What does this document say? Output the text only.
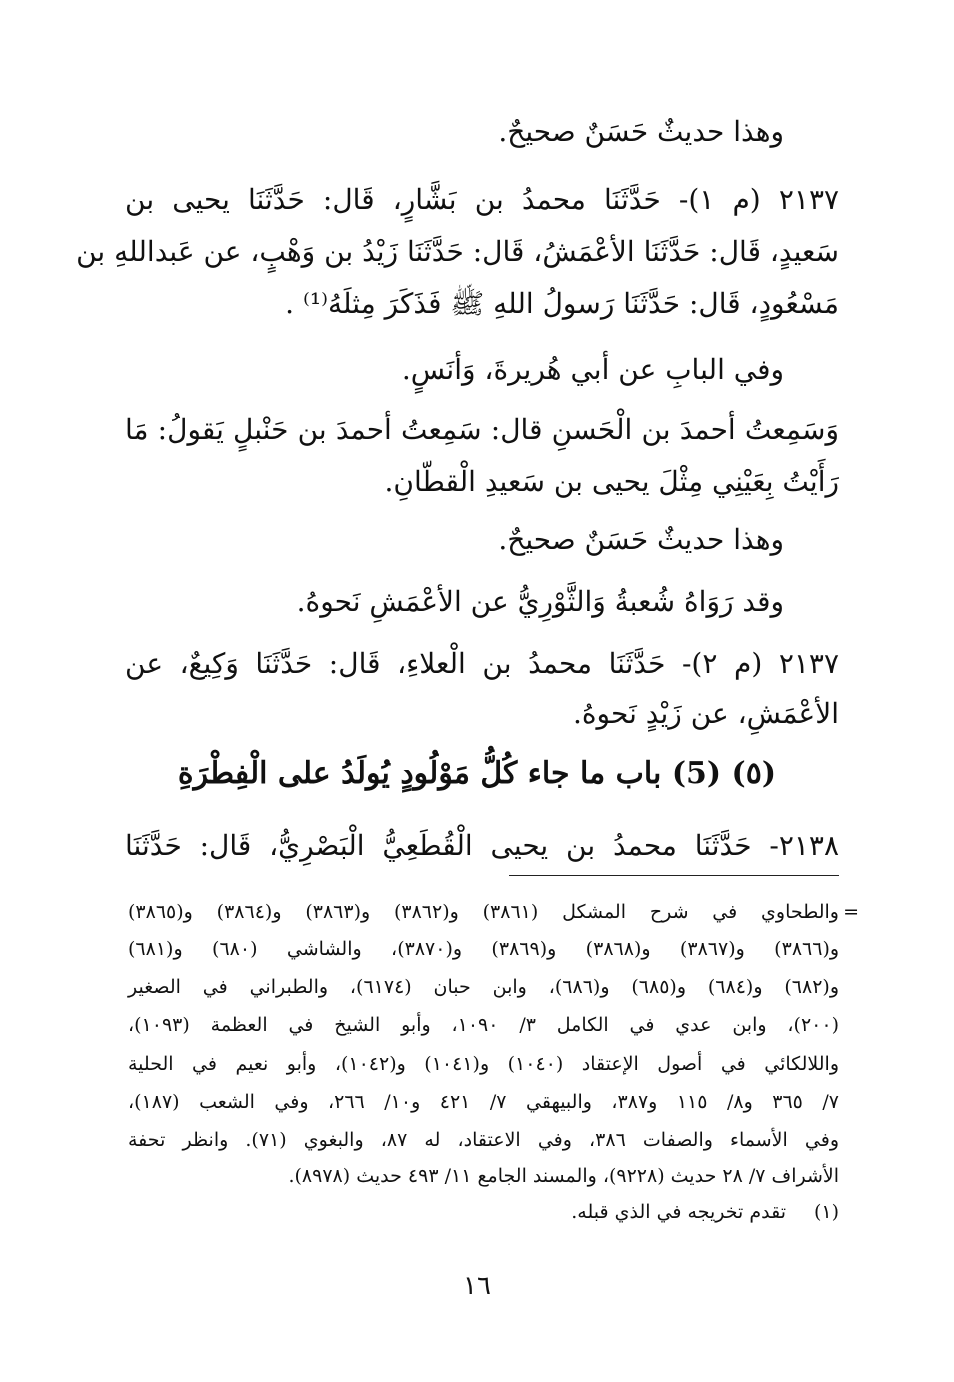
وهذا حديثٌ حَسَنٌ صحيحٌ.
٢١٣٧ (م ١)- حَدَّثَنَا محمدُ بن بَشَّارٍ، قَال: حَدَّثَنَا يحيى بن
سَعيدٍ، قَال: حَدَّثَنَا الأعْمَشُ، قَال: حَدَّثَنَا زَيْدُ بن وَهْبٍ، عن عَبداللهِ بن
مَسْعُودٍ، قَال: حَدَّثَنَا رَسولُ اللهِ ﷺ فَذَكَرَ مِثلَهُ⁽¹⁾ .
وفي البابِ عن أبي هُريرةَ، وَأنَسٍ.
وَسَمِعتُ أحمدَ بن الْحَسنِ قال: سَمِعتُ أحمدَ بن حَنْبلٍ يَقولُ: مَا
رَأَيْتُ بِعَيْنِي مِثْلَ يحيى بن سَعيدِ الْقطّانِ.
وهذا حديثٌ حَسَنٌ صحيحٌ.
وقد رَوَاهُ شُعبةُ وَالثَّوْرِيُّ عن الأعْمَشِ نَحوهُ.
٢١٣٧ (م ٢)- حَدَّثَنَا محمدُ بن الْعلاءِ، قَال: حَدَّثَنَا وَكِيعٌ، عن
الأعْمَشِ، عن زَيْدٍ نَحوهُ.
(٥) (5) باب ما جاء كُلُّ مَوْلُودٍ يُولَدُ على الْفِطْرَةِ
٢١٣٨- حَدَّثَنَا محمدُ بن يحيى الْقُطَعِيُّ الْبَصْرِيُّ، قَال: حَدَّثَنَا
=
والطحاوي في شرح المشكل (٣٨٦١) و(٣٨٦٢) و(٣٨٦٣) و(٣٨٦٤) و(٣٨٦٥)
و(٣٨٦٦) و(٣٨٦٧) و(٣٨٦٨) و(٣٨٦٩) و(٣٨٧٠)، والشاشي (٦٨٠) و(٦٨١)
و(٦٨٢) و(٦٨٤) و(٦٨٥) و(٦٨٦)، وابن حبان (٦١٧٤)، والطبراني في الصغير
(٢٠٠)، وابن عدي في الكامل ٣/ ١٠٩٠، وأبو الشيخ في العظمة (١٠٩٣)،
واللالكائي في أصول الإعتقاد (١٠٤٠) و(١٠٤١) و(١٠٤٢)، وأبو نعيم في الحلية
٧/ ٣٦٥ و٨/ ١١٥ و٣٨٧، والبيهقي ٧/ ٤٢١ و١٠/ ٢٦٦، وفي الشعب (١٨٧)،
وفي الأسماء والصفات ٣٨٦، وفي الاعتقاد، له ٨٧، والبغوي (٧١). وانظر تحفة
الأشراف ٧/ ٢٨ حديث (٩٢٢٨)، والمسند الجامع ١١/ ٤٩٣ حديث (٨٩٧٨).
(١)
تقدم تخريجه في الذي قبله.
١٦
